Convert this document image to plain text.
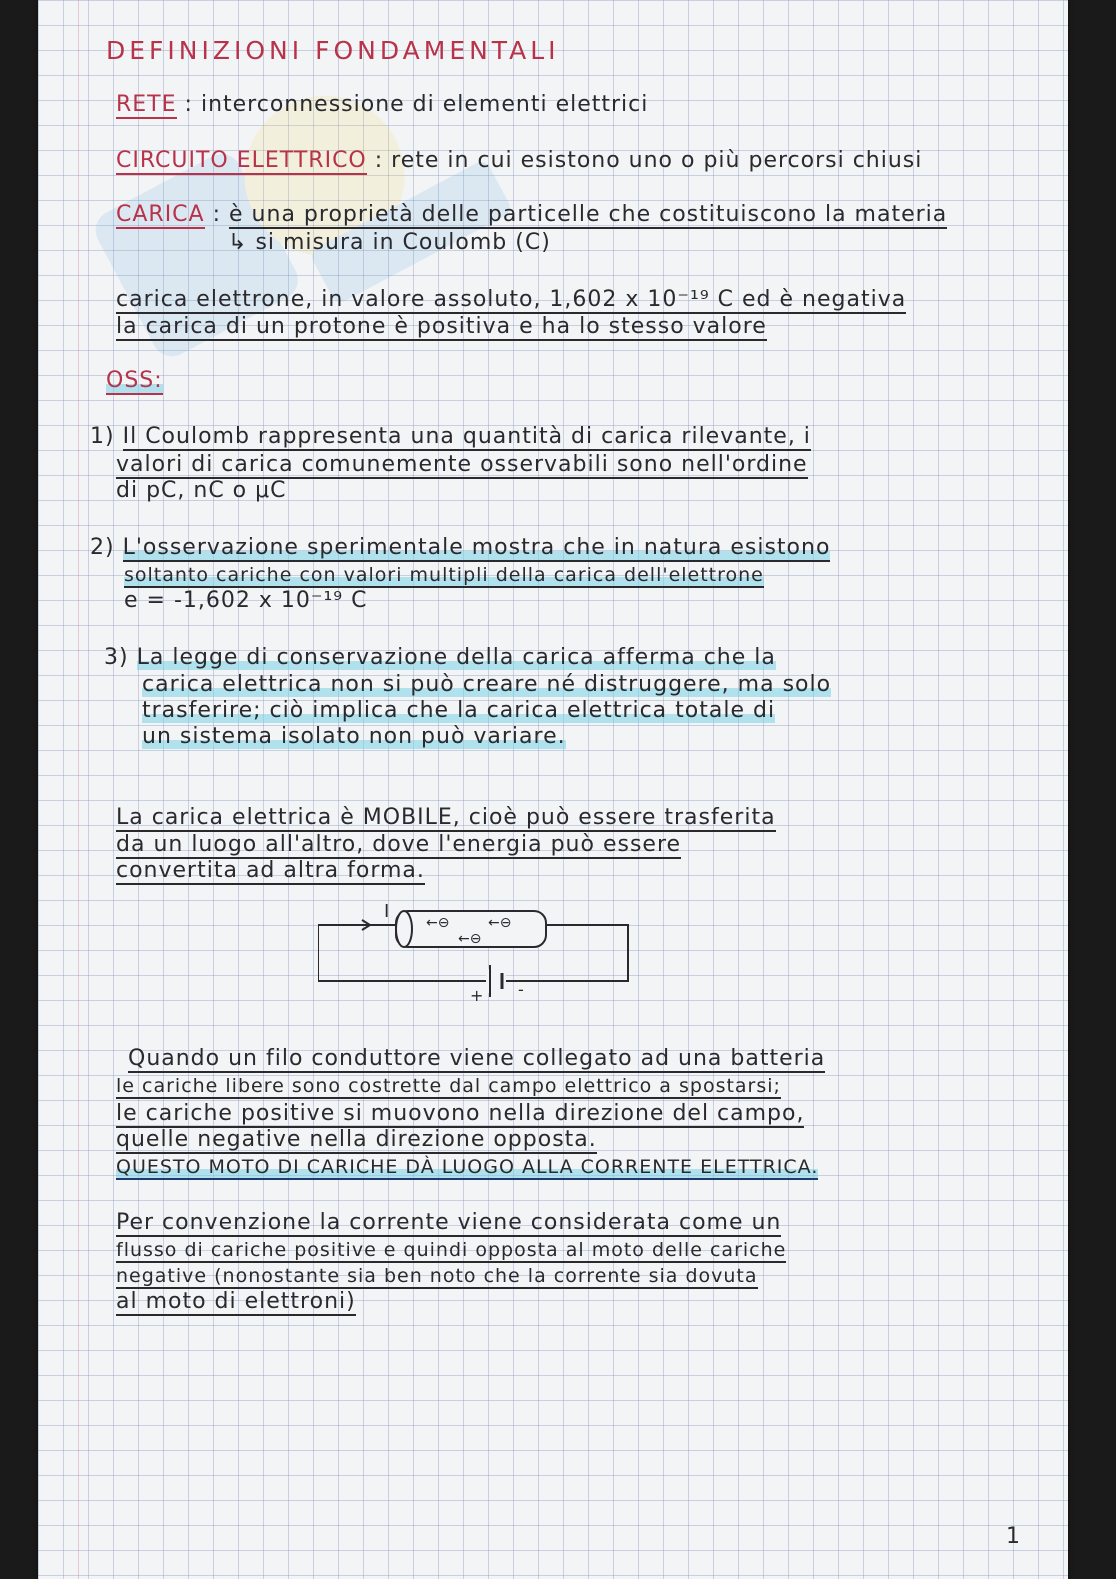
DEFINIZIONI FONDAMENTALI
RETE : interconnessione di elementi elettrici
CIRCUITO ELETTRICO : rete in cui esistono uno o più percorsi chiusi
CARICA : è una proprietà delle particelle che costituiscono la materia
↳ si misura in Coulomb (C)
carica elettrone, in valore assoluto, 1,602 x 10⁻¹⁹ C ed è negativa
la carica di un protone è positiva e ha lo stesso valore
OSS:
1) Il Coulomb rappresenta una quantità di carica rilevante, i
valori di carica comunemente osservabili sono nell'ordine
di pC, nC o μC
2) L'osservazione sperimentale mostra che in natura esistono
soltanto cariche con valori multipli della carica dell'elettrone
e = -1,602 x 10⁻¹⁹ C
3) La legge di conservazione della carica afferma che la
carica elettrica non si può creare né distruggere, ma solo
trasferire; ciò implica che la carica elettrica totale di
un sistema isolato non può variare.
La carica elettrica è MOBILE, cioè può essere trasferita
da un luogo all'altro, dove l'energia può essere
convertita ad altra forma.
I
←⊖	←⊖
←⊖
+ -
Quando un filo conduttore viene collegato ad una batteria
le cariche libere sono costrette dal campo elettrico a spostarsi;
le cariche positive si muovono nella direzione del campo,
quelle negative nella direzione opposta.
QUESTO MOTO DI CARICHE DÀ LUOGO ALLA CORRENTE ELETTRICA.
Per convenzione la corrente viene considerata come un
flusso di cariche positive e quindi opposta al moto delle cariche
negative (nonostante sia ben noto che la corrente sia dovuta
al moto di elettroni)
1
